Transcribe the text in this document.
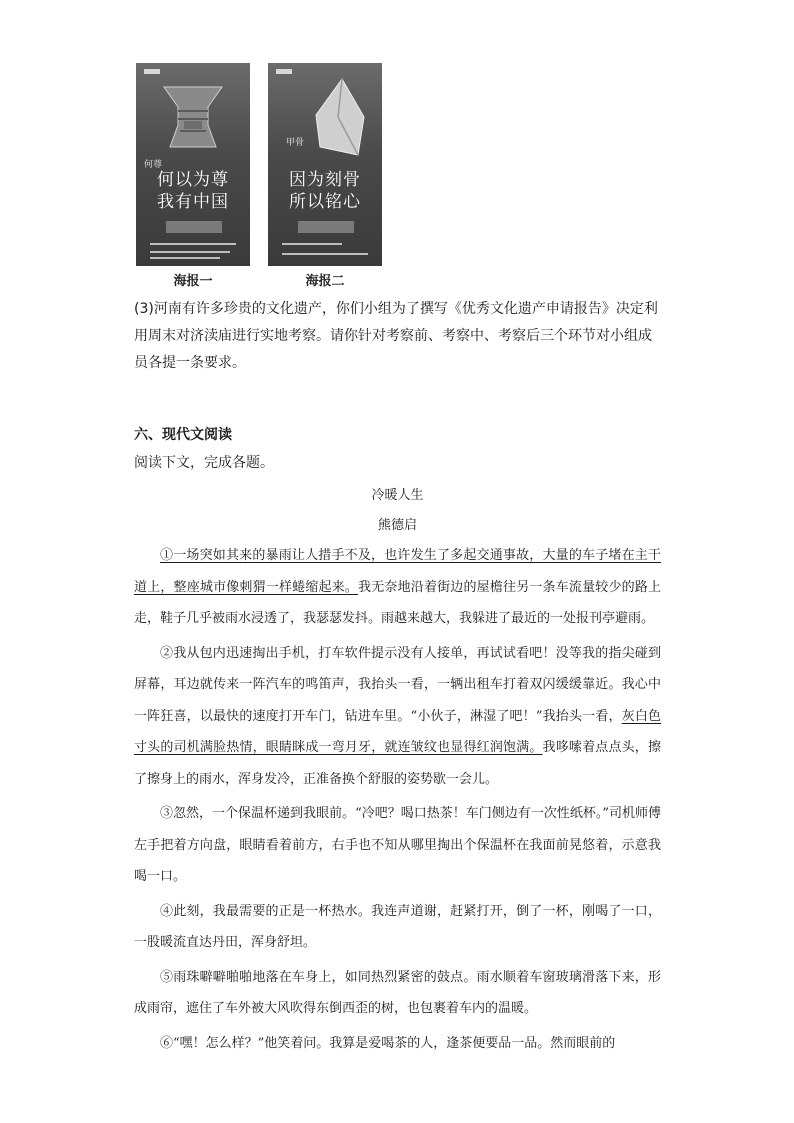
何尊
何以为尊
我有中国
海报一
甲骨
因为刻骨
所以铭心
海报二
(3)河南有许多珍贵的文化遗产，你们小组为了撰写《优秀文化遗产申请报告》决定利用周末对济渎庙进行实地考察。请你针对考察前、考察中、考察后三个环节对小组成员各提一条要求。
六、现代文阅读
阅读下文，完成各题。
冷暖人生
熊德启

①一场突如其来的暴雨让人措手不及，也许发生了多起交通事故，大量的车子堵在主干道上，整座城市像刺猬一样蜷缩起来。我无奈地沿着街边的屋檐往另一条车流量较少的路上走，鞋子几乎被雨水浸透了，我瑟瑟发抖。雨越来越大，我躲进了最近的一处报刊亭避雨。

②我从包内迅速掏出手机，打车软件提示没有人接单，再试试看吧！没等我的指尖碰到屏幕，耳边就传来一阵汽车的鸣笛声，我抬头一看，一辆出租车打着双闪缓缓靠近。我心中一阵狂喜，以最快的速度打开车门，钻进车里。“小伙子，淋湿了吧！”我抬头一看，灰白色寸头的司机满脸热情，眼睛眯成一弯月牙，就连皱纹也显得红润饱满。我哆嗦着点点头，擦了擦身上的雨水，浑身发冷，正准备换个舒服的姿势歇一会儿。

③忽然，一个保温杯递到我眼前。“冷吧？喝口热茶！车门侧边有一次性纸杯。”司机师傅左手把着方向盘，眼睛看着前方，右手也不知从哪里掏出个保温杯在我面前晃悠着，示意我喝一口。

④此刻，我最需要的正是一杯热水。我连声道谢，赶紧打开，倒了一杯，刚喝了一口，一股暖流直达丹田，浑身舒坦。

⑤雨珠噼噼啪啪地落在车身上，如同热烈紧密的鼓点。雨水顺着车窗玻璃滑落下来，形成雨帘，遮住了车外被大风吹得东倒西歪的树，也包裹着车内的温暖。

⑥“嘿！怎么样？”他笑着问。我算是爱喝茶的人，逢茶便要品一品。然而眼前的
